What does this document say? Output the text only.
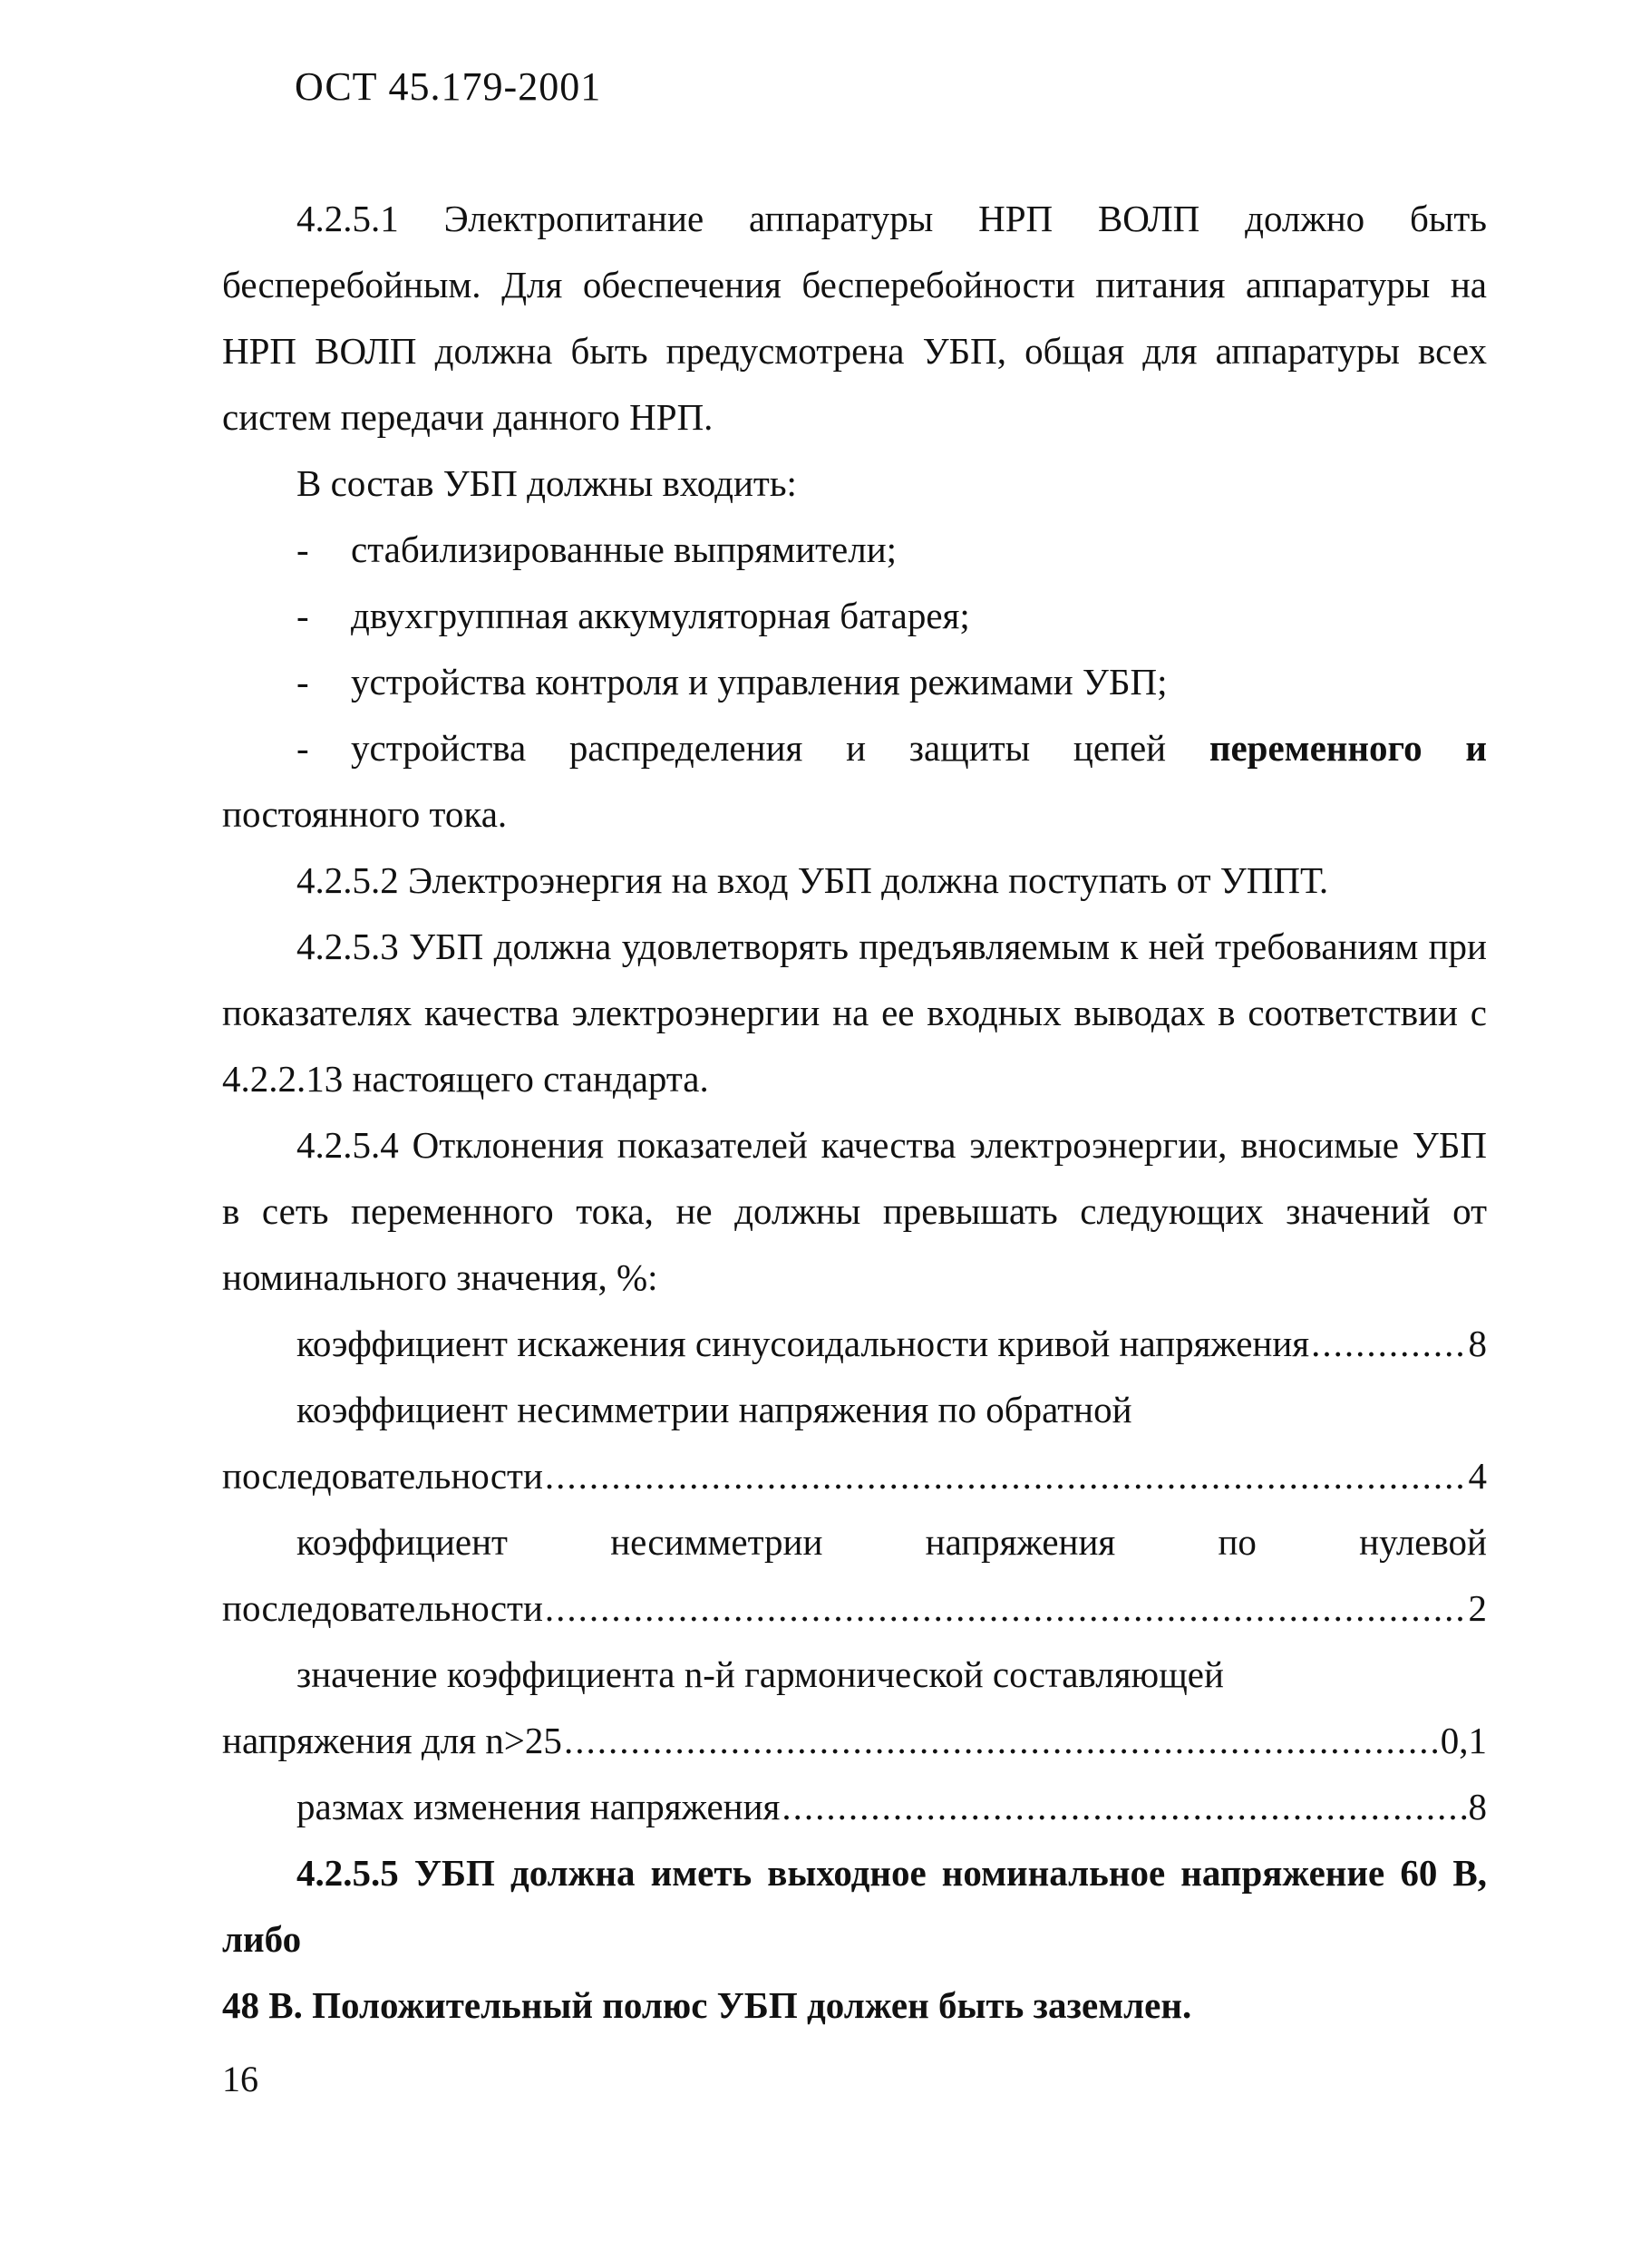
ОСТ 45.179-2001

4.2.5.1 Электропитание аппаратуры НРП ВОЛП должно быть бесперебойным. Для обеспечения бесперебойности питания аппаратуры на НРП ВОЛП должна быть предусмотрена УБП, общая для аппаратуры всех систем передачи данного НРП.

В состав УБП должны входить:

- стабилизированные выпрямители;

- двухгруппная аккумуляторная батарея;

- устройства контроля и управления режимами УБП;

- устройства распределения и защиты цепей переменного и

постоянного тока.

4.2.5.2 Электроэнергия на вход УБП должна поступать от УППТ.

4.2.5.3 УБП должна удовлетворять предъявляемым к ней требованиям при показателях качества электроэнергии на ее входных выводах в соответствии с 4.2.2.13 настоящего стандарта.

4.2.5.4 Отклонения показателей качества электроэнергии, вносимые УБП в сеть переменного тока, не должны превышать следующих значений от номинального значения, %:

коэффициент искажения синусоидальности кривой напряжения .....	8

коэффициент несимметрии напряжения по обратной

последовательности .....	4

коэффициент несимметрии напряжения по нулевой

последовательности .....	2

значение коэффициента n-й гармонической составляющей

напряжения для n>25 .....	0,1

размах изменения напряжения .....	8

4.2.5.5 УБП должна иметь выходное номинальное напряжение 60 В, либо

48 В. Положительный полюс УБП должен быть заземлен.

16
